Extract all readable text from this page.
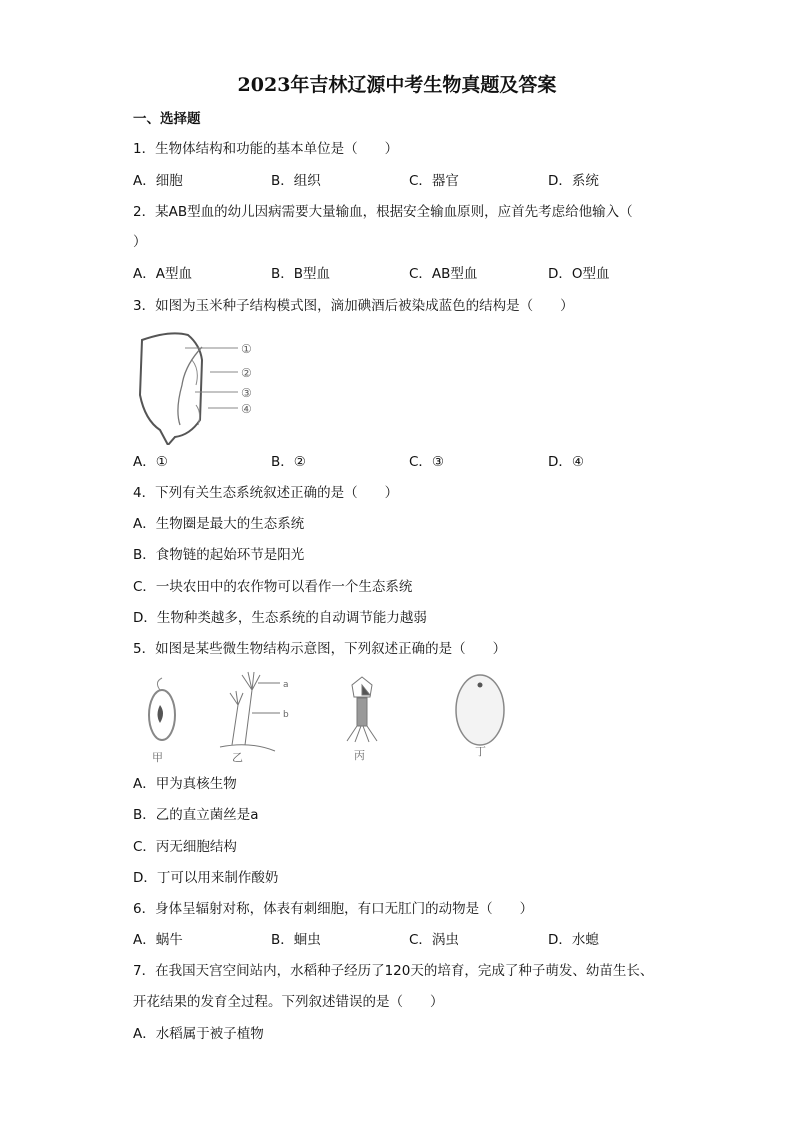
2023年吉林辽源中考生物真题及答案
一、选择题
1．生物体结构和功能的基本单位是（　　）
A．细胞	B．组织	C．器官	D．系统
2．某AB型血的幼儿因病需要大量输血，根据安全输血原则，应首先考虑给他输入（
）
A．A型血	B．B型血	C．AB型血	D．O型血
3．如图为玉米种子结构模式图，滴加碘酒后被染成蓝色的结构是（　　）
①
②
③
④
A．①	B．②	C．③	D．④
4．下列有关生态系统叙述正确的是（　　）
A．生物圈是最大的生态系统
B．食物链的起始环节是阳光
C．一块农田中的农作物可以看作一个生态系统
D．生物种类越多，生态系统的自动调节能力越弱
5．如图是某些微生物结构示意图，下列叙述正确的是（　　）
a
b
甲	乙	丙	丁
A．甲为真核生物
B．乙的直立菌丝是a
C．丙无细胞结构
D．丁可以用来制作酸奶
6．身体呈辐射对称，体表有刺细胞，有口无肛门的动物是（　　）
A．蜗牛	B．蛔虫	C．涡虫	D．水螅
7．在我国天宫空间站内，水稻种子经历了120天的培育，完成了种子萌发、幼苗生长、
开花结果的发育全过程。下列叙述错误的是（　　）
A．水稻属于被子植物
